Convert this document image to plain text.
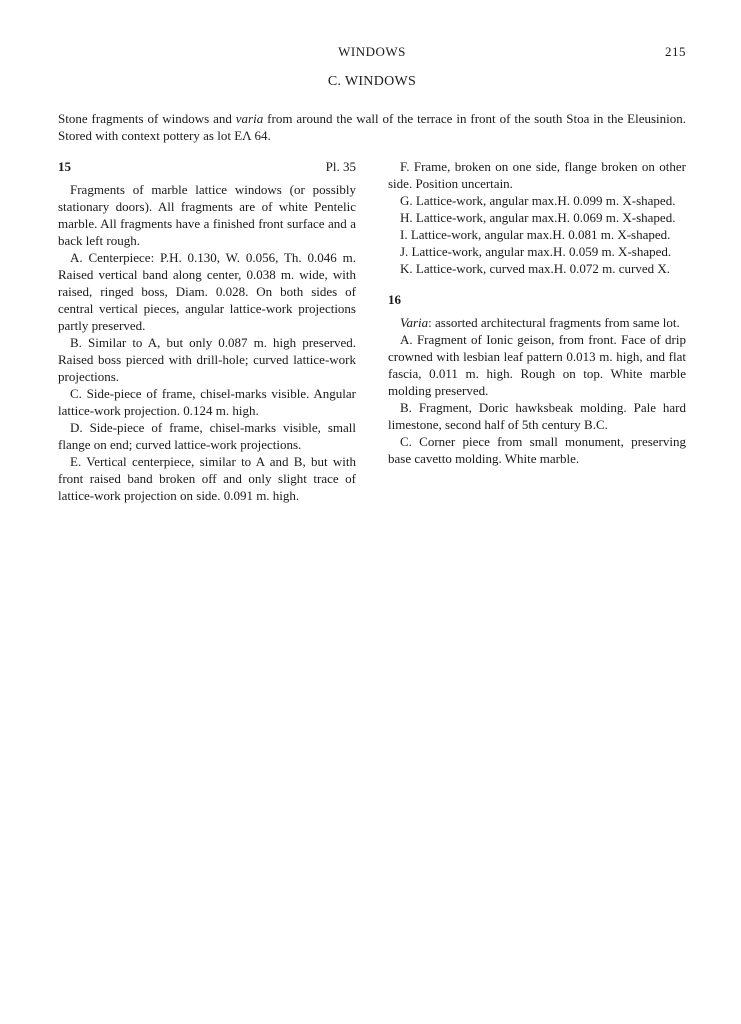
WINDOWS	215
C. WINDOWS

Stone fragments of windows and varia from around the wall of the terrace in front of the south Stoa in the Eleusinion. Stored with context pottery as lot EΛ 64.

15	Pl. 35

Fragments of marble lattice windows (or possibly stationary doors). All fragments are of white Pentelic marble. All fragments have a finished front surface and a back left rough.

A. Centerpiece: P.H. 0.130, W. 0.056, Th. 0.046 m. Raised vertical band along center, 0.038 m. wide, with raised, ringed boss, Diam. 0.028. On both sides of central vertical pieces, angular lattice-work projections partly preserved.

B. Similar to A, but only 0.087 m. high preserved. Raised boss pierced with drill-hole; curved lattice-work projections.

C. Side-piece of frame, chisel-marks visible. Angular lattice-work projection. 0.124 m. high.

D. Side-piece of frame, chisel-marks visible, small flange on end; curved lattice-work projections.

E. Vertical centerpiece, similar to A and B, but with front raised band broken off and only slight trace of lattice-work projection on side. 0.091 m. high.

F. Frame, broken on one side, flange broken on other side. Position uncertain.

G. Lattice-work, angular max.H. 0.099 m. X-shaped.

H. Lattice-work, angular max.H. 0.069 m. X-shaped.

I. Lattice-work, angular max.H. 0.081 m. X-shaped.

J. Lattice-work, angular max.H. 0.059 m. X-shaped.

K. Lattice-work, curved max.H. 0.072 m. curved X.

16

Varia: assorted architectural fragments from same lot.

A. Fragment of Ionic geison, from front. Face of drip crowned with lesbian leaf pattern 0.013 m. high, and flat fascia, 0.011 m. high. Rough on top. White marble molding preserved.

B. Fragment, Doric hawksbeak molding. Pale hard limestone, second half of 5th century B.C.

C. Corner piece from small monument, preserving base cavetto molding. White marble.
